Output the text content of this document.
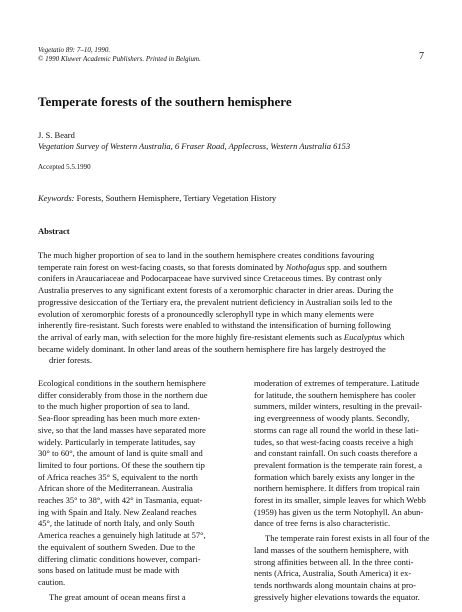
Vegetatio 89: 7–10, 1990.
© 1990 Kluwer Academic Publishers. Printed in Belgium.	7
Temperate forests of the southern hemisphere
J. S. Beard
Vegetation Survey of Western Australia, 6 Fraser Road, Applecross, Western Australia 6153
Accepted 5.5.1990
Keywords: Forests, Southern Hemisphere, Tertiary Vegetation History
Abstract
The much higher proportion of sea to land in the southern hemisphere creates conditions favouring
temperate rain forest on west-facing coasts, so that forests dominated by Nothofagus spp. and southern
conifers in Araucariaceae and Podocarpaceae have survived since Cretaceous times. By contrast only
Australia preserves to any significant extent forests of a xeromorphic character in drier areas. During the
progressive desiccation of the Tertiary era, the prevalent nutrient deficiency in Australian soils led to the
evolution of xeromorphic forests of a pronouncedly sclerophyll type in which many elements were
inherently fire-resistant. Such forests were enabled to withstand the intensification of burning following
the arrival of early man, with selection for the more highly fire-resistant elements such as Eucalyptus which
became widely dominant. In other land areas of the southern hemisphere fire has largely destroyed the
drier forests.
Ecological conditions in the southern hemisphere
differ considerably from those in the northern due
to the much higher proportion of sea to land.
Sea-floor spreading has been much more exten-
sive, so that the land masses have separated more
widely. Particularly in temperate latitudes, say
30° to 60°, the amount of land is quite small and
limited to four portions. Of these the southern tip
of Africa reaches 35° S, equivalent to the north
African shore of the Mediterranean. Australia
reaches 35° to 38°, with 42° in Tasmania, equat-
ing with Spain and Italy. New Zealand reaches
45°, the latitude of north Italy, and only South
America reaches a genuinely high latitude at 57°,
the equivalent of southern Sweden. Due to the
differing climatic conditions however, compari-
sons based on latitude must be made with
caution.
The great amount of ocean means first a
moderation of extremes of temperature. Latitude
for latitude, the southern hemisphere has cooler
summers, milder winters, resulting in the prevail-
ing evergreenness of woody plants. Secondly,
storms can rage all round the world in these lati-
tudes, so that west-facing coasts receive a high
and constant rainfall. On such coasts therefore a
prevalent formation is the temperate rain forest, a
formation which barely exists any longer in the
northern hemisphere. It differs from tropical rain
forest in its smaller, simple leaves for which Webb
(1959) has given us the term Notophyll. An abun-
dance of tree ferns is also characteristic.
The temperate rain forest exists in all four of the
land masses of the southern hemisphere, with
strong affinities between all. In the three conti-
nents (Africa, Australia, South America) it ex-
tends northwards along mountain chains at pro-
gressively higher elevations towards the equator.
